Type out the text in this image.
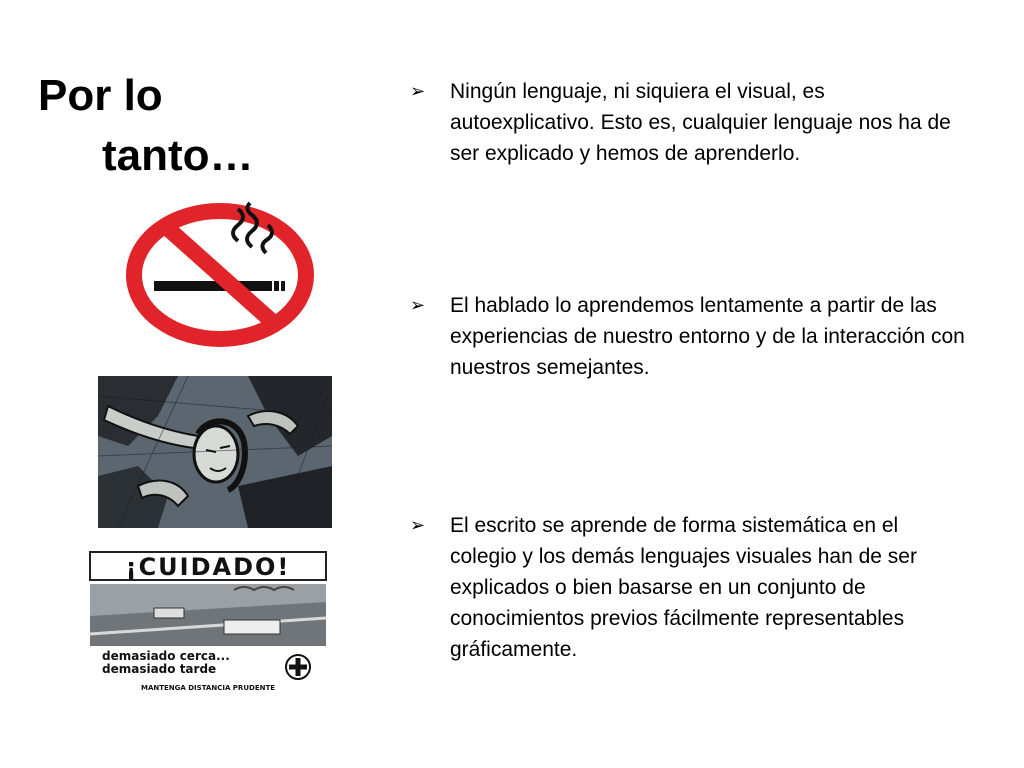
Por lo
tanto…
¡CUIDADO!
demasiado cerca...
demasiado tarde
MANTENGA DISTANCIA PRUDENTE
➢	Ningún lenguaje, ni siquiera el visual, es autoexplicativo. Esto es, cualquier lenguaje nos ha de ser explicado y hemos de aprenderlo.
➢	El hablado lo aprendemos lentamente a partir de las experiencias de nuestro entorno y de la interacción con nuestros semejantes.
➢	El escrito se aprende de forma sistemática en el colegio y los demás lenguajes visuales han de ser explicados o bien basarse en un conjunto de conocimientos previos fácilmente representables gráficamente.
